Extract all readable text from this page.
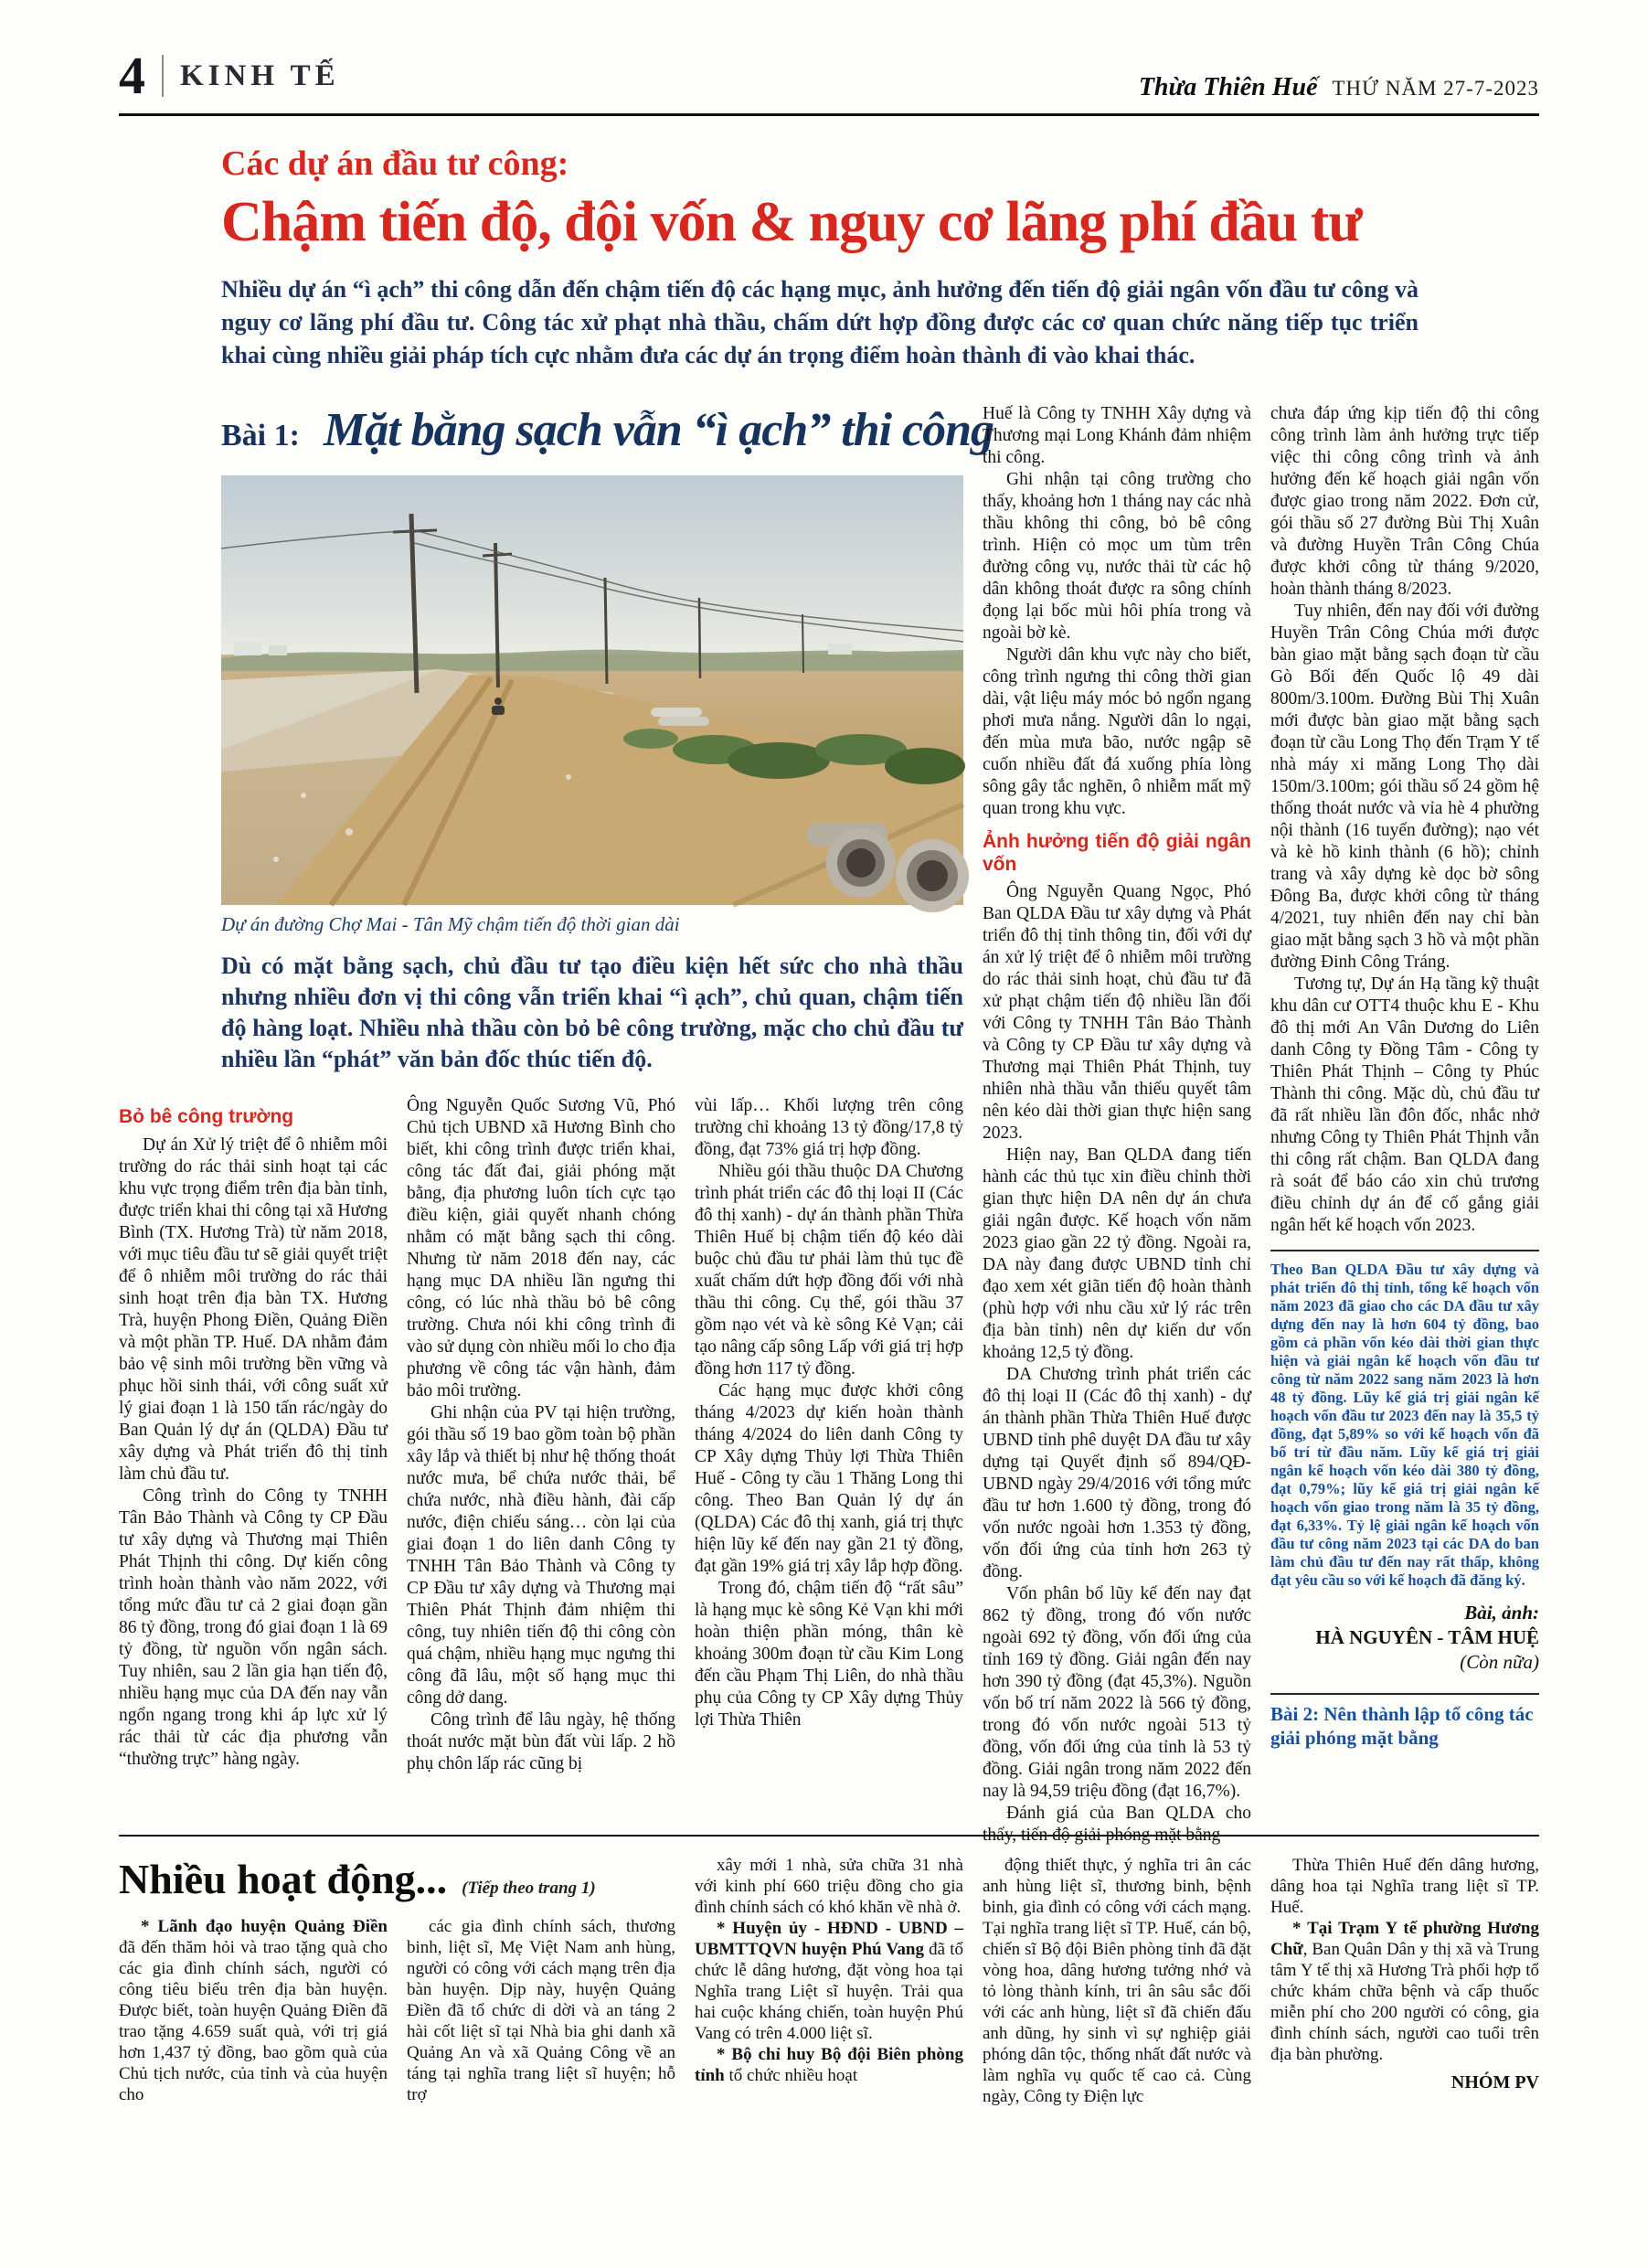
4 KINH TẾ	Thừa Thiên Huế THỨ NĂM 27-7-2023
Các dự án đầu tư công:
Chậm tiến độ, đội vốn & nguy cơ lãng phí đầu tư

Nhiều dự án “ì ạch” thi công dẫn đến chậm tiến độ các hạng mục, ảnh hưởng đến tiến độ giải ngân vốn đầu tư công và nguy cơ lãng phí đầu tư. Công tác xử phạt nhà thầu, chấm dứt hợp đồng được các cơ quan chức năng tiếp tục triển khai cùng nhiều giải pháp tích cực nhằm đưa các dự án trọng điểm hoàn thành đi vào khai thác.

Bài 1: Mặt bằng sạch vẫn “ì ạch” thi công
Dự án đường Chợ Mai - Tân Mỹ chậm tiến độ thời gian dài

Dù có mặt bằng sạch, chủ đầu tư tạo điều kiện hết sức cho nhà thầu nhưng nhiều đơn vị thi công vẫn triển khai “ì ạch”, chủ quan, chậm tiến độ hàng loạt. Nhiều nhà thầu còn bỏ bê công trường, mặc cho chủ đầu tư nhiều lần “phát” văn bản đốc thúc tiến độ.

Bỏ bê công trường

Dự án Xử lý triệt để ô nhiễm môi trường do rác thải sinh hoạt tại các khu vực trọng điểm trên địa bàn tỉnh, được triển khai thi công tại xã Hương Bình (TX. Hương Trà) từ năm 2018, với mục tiêu đầu tư sẽ giải quyết triệt để ô nhiễm môi trường do rác thải sinh hoạt trên địa bàn TX. Hương Trà, huyện Phong Điền, Quảng Điền và một phần TP. Huế. DA nhằm đảm bảo vệ sinh môi trường bền vững và phục hồi sinh thái, với công suất xử lý giai đoạn 1 là 150 tấn rác/ngày do Ban Quản lý dự án (QLDA) Đầu tư xây dựng và Phát triển đô thị tỉnh làm chủ đầu tư.

Công trình do Công ty TNHH Tân Bảo Thành và Công ty CP Đầu tư xây dựng và Thương mại Thiên Phát Thịnh thi công. Dự kiến công trình hoàn thành vào năm 2022, với tổng mức đầu tư cả 2 giai đoạn gần 86 tỷ đồng, trong đó giai đoạn 1 là 69 tỷ đồng, từ nguồn vốn ngân sách. Tuy nhiên, sau 2 lần gia hạn tiến độ, nhiều hạng mục của DA đến nay vẫn ngổn ngang trong khi áp lực xử lý rác thải từ các địa phương vẫn “thường trực” hàng ngày.

Ông Nguyễn Quốc Sương Vũ, Phó Chủ tịch UBND xã Hương Bình cho biết, khi công trình được triển khai, công tác đất đai, giải phóng mặt bằng, địa phương luôn tích cực tạo điều kiện, giải quyết nhanh chóng nhằm có mặt bằng sạch thi công. Nhưng từ năm 2018 đến nay, các hạng mục DA nhiều lần ngưng thi công, có lúc nhà thầu bỏ bê công trường. Chưa nói khi công trình đi vào sử dụng còn nhiều mối lo cho địa phương về công tác vận hành, đảm bảo môi trường.

Ghi nhận của PV tại hiện trường, gói thầu số 19 bao gồm toàn bộ phần xây lắp và thiết bị như hệ thống thoát nước mưa, bể chứa nước thải, bể chứa nước, nhà điều hành, đài cấp nước, điện chiếu sáng… còn lại của giai đoạn 1 do liên danh Công ty TNHH Tân Bảo Thành và Công ty CP Đầu tư xây dựng và Thương mại Thiên Phát Thịnh đảm nhiệm thi công, tuy nhiên tiến độ thi công còn quá chậm, nhiều hạng mục ngưng thi công đã lâu, một số hạng mục thi công dở dang.

Công trình để lâu ngày, hệ thống thoát nước mặt bùn đất vùi lấp. 2 hồ phụ chôn lấp rác cũng bị

vùi lấp… Khối lượng trên công trường chỉ khoảng 13 tỷ đồng/17,8 tỷ đồng, đạt 73% giá trị hợp đồng.

Nhiều gói thầu thuộc DA Chương trình phát triển các đô thị loại II (Các đô thị xanh) - dự án thành phần Thừa Thiên Huế bị chậm tiến độ kéo dài buộc chủ đầu tư phải làm thủ tục đề xuất chấm dứt hợp đồng đối với nhà thầu thi công. Cụ thể, gói thầu 37 gồm nạo vét và kè sông Kẻ Vạn; cải tạo nâng cấp sông Lấp với giá trị hợp đồng hơn 117 tỷ đồng.

Các hạng mục được khởi công tháng 4/2023 dự kiến hoàn thành tháng 4/2024 do liên danh Công ty CP Xây dựng Thủy lợi Thừa Thiên Huế - Công ty cầu 1 Thăng Long thi công. Theo Ban Quản lý dự án (QLDA) Các đô thị xanh, giá trị thực hiện lũy kế đến nay gần 21 tỷ đồng, đạt gần 19% giá trị xây lắp hợp đồng.

Trong đó, chậm tiến độ “rất sâu” là hạng mục kè sông Kẻ Vạn khi mới hoàn thiện phần móng, thân kè khoảng 300m đoạn từ cầu Kim Long đến cầu Phạm Thị Liên, do nhà thầu phụ của Công ty CP Xây dựng Thủy lợi Thừa Thiên

Huế là Công ty TNHH Xây dựng và Thương mại Long Khánh đảm nhiệm thi công.

Ghi nhận tại công trường cho thấy, khoảng hơn 1 tháng nay các nhà thầu không thi công, bỏ bê công trình. Hiện cỏ mọc um tùm trên đường công vụ, nước thải từ các hộ dân không thoát được ra sông chính đọng lại bốc mùi hôi phía trong và ngoài bờ kè.

Người dân khu vực này cho biết, công trình ngưng thi công thời gian dài, vật liệu máy móc bỏ ngổn ngang phơi mưa nắng. Người dân lo ngại, đến mùa mưa bão, nước ngập sẽ cuốn nhiều đất đá xuống phía lòng sông gây tắc nghẽn, ô nhiễm mất mỹ quan trong khu vực.

Ảnh hưởng tiến độ giải ngân vốn

Ông Nguyễn Quang Ngọc, Phó Ban QLDA Đầu tư xây dựng và Phát triển đô thị tỉnh thông tin, đối với dự án xử lý triệt để ô nhiễm môi trường do rác thải sinh hoạt, chủ đầu tư đã xử phạt chậm tiến độ nhiều lần đối với Công ty TNHH Tân Bảo Thành và Công ty CP Đầu tư xây dựng và Thương mại Thiên Phát Thịnh, tuy nhiên nhà thầu vẫn thiếu quyết tâm nên kéo dài thời gian thực hiện sang 2023.

Hiện nay, Ban QLDA đang tiến hành các thủ tục xin điều chỉnh thời gian thực hiện DA nên dự án chưa giải ngân được. Kế hoạch vốn năm 2023 giao gần 22 tỷ đồng. Ngoài ra, DA này đang được UBND tỉnh chỉ đạo xem xét giãn tiến độ hoàn thành (phù hợp với nhu cầu xử lý rác trên địa bàn tỉnh) nên dự kiến dư vốn khoảng 12,5 tỷ đồng.

DA Chương trình phát triển các đô thị loại II (Các đô thị xanh) - dự án thành phần Thừa Thiên Huế được UBND tỉnh phê duyệt DA đầu tư xây dựng tại Quyết định số 894/QĐ-UBND ngày 29/4/2016 với tổng mức đầu tư hơn 1.600 tỷ đồng, trong đó vốn nước ngoài hơn 1.353 tỷ đồng, vốn đối ứng của tỉnh hơn 263 tỷ đồng.

Vốn phân bổ lũy kế đến nay đạt 862 tỷ đồng, trong đó vốn nước ngoài 692 tỷ đồng, vốn đối ứng của tỉnh 169 tỷ đồng. Giải ngân đến nay hơn 390 tỷ đồng (đạt 45,3%). Nguồn vốn bố trí năm 2022 là 566 tỷ đồng, trong đó vốn nước ngoài 513 tỷ đồng, vốn đối ứng của tỉnh là 53 tỷ đồng. Giải ngân trong năm 2022 đến nay là 94,59 triệu đồng (đạt 16,7%).

Đánh giá của Ban QLDA cho thấy, tiến độ giải phóng mặt bằng

chưa đáp ứng kịp tiến độ thi công công trình làm ảnh hưởng trực tiếp việc thi công công trình và ảnh hưởng đến kế hoạch giải ngân vốn được giao trong năm 2022. Đơn cử, gói thầu số 27 đường Bùi Thị Xuân và đường Huyền Trân Công Chúa được khởi công từ tháng 9/2020, hoàn thành tháng 8/2023.

Tuy nhiên, đến nay đối với đường Huyền Trân Công Chúa mới được bàn giao mặt bằng sạch đoạn từ cầu Gò Bối đến Quốc lộ 49 dài 800m/3.100m. Đường Bùi Thị Xuân mới được bàn giao mặt bằng sạch đoạn từ cầu Long Thọ đến Trạm Y tế nhà máy xi măng Long Thọ dài 150m/3.100m; gói thầu số 24 gồm hệ thống thoát nước và vỉa hè 4 phường nội thành (16 tuyến đường); nạo vét và kè hồ kinh thành (6 hồ); chỉnh trang và xây dựng kè dọc bờ sông Đông Ba, được khởi công từ tháng 4/2021, tuy nhiên đến nay chỉ bàn giao mặt bằng sạch 3 hồ và một phần đường Đinh Công Tráng.

Tương tự, Dự án Hạ tầng kỹ thuật khu dân cư OTT4 thuộc khu E - Khu đô thị mới An Vân Dương do Liên danh Công ty Đồng Tâm - Công ty Thiên Phát Thịnh – Công ty Phúc Thành thi công. Mặc dù, chủ đầu tư đã rất nhiều lần đôn đốc, nhắc nhở nhưng Công ty Thiên Phát Thịnh vẫn thi công rất chậm. Ban QLDA đang rà soát để báo cáo xin chủ trương điều chỉnh dự án để cố gắng giải ngân hết kế hoạch vốn 2023.

Theo Ban QLDA Đầu tư xây dựng và phát triển đô thị tỉnh, tổng kế hoạch vốn năm 2023 đã giao cho các DA đầu tư xây dựng đến nay là hơn 604 tỷ đồng, bao gồm cả phần vốn kéo dài thời gian thực hiện và giải ngân kế hoạch vốn đầu tư công từ năm 2022 sang năm 2023 là hơn 48 tỷ đồng. Lũy kế giá trị giải ngân kế hoạch vốn đầu tư 2023 đến nay là 35,5 tỷ đồng, đạt 5,89% so với kế hoạch vốn đã bố trí từ đầu năm. Lũy kế giá trị giải ngân kế hoạch vốn kéo dài 380 tỷ đồng, đạt 0,79%; lũy kế giá trị giải ngân kế hoạch vốn giao trong năm là 35 tỷ đồng, đạt 6,33%. Tỷ lệ giải ngân kế hoạch vốn đầu tư công năm 2023 tại các DA do ban làm chủ đầu tư đến nay rất thấp, không đạt yêu cầu so với kế hoạch đã đăng ký.
Bài, ảnh:
HÀ NGUYÊN - TÂM HUỆ
(Còn nữa)
Bài 2: Nên thành lập tổ công tác giải phóng mặt bằng
Nhiều hoạt động... (Tiếp theo trang 1)

* Lãnh đạo huyện Quảng Điền đã đến thăm hỏi và trao tặng quà cho các gia đình chính sách, người có công tiêu biểu trên địa bàn huyện. Được biết, toàn huyện Quảng Điền đã trao tặng 4.659 suất quà, với trị giá hơn 1,437 tỷ đồng, bao gồm quà của Chủ tịch nước, của tỉnh và của huyện cho

các gia đình chính sách, thương binh, liệt sĩ, Mẹ Việt Nam anh hùng, người có công với cách mạng trên địa bàn huyện. Dịp này, huyện Quảng Điền đã tổ chức di dời và an táng 2 hài cốt liệt sĩ tại Nhà bia ghi danh xã Quảng An và xã Quảng Công về an táng tại nghĩa trang liệt sĩ huyện; hỗ trợ

xây mới 1 nhà, sửa chữa 31 nhà với kinh phí 660 triệu đồng cho gia đình chính sách có khó khăn về nhà ở.

* Huyện ủy - HĐND - UBND – UBMTTQVN huyện Phú Vang đã tổ chức lễ dâng hương, đặt vòng hoa tại Nghĩa trang Liệt sĩ huyện. Trải qua hai cuộc kháng chiến, toàn huyện Phú Vang có trên 4.000 liệt sĩ.

* Bộ chỉ huy Bộ đội Biên phòng tỉnh tổ chức nhiều hoạt

động thiết thực, ý nghĩa tri ân các anh hùng liệt sĩ, thương binh, bệnh binh, gia đình có công với cách mạng. Tại nghĩa trang liệt sĩ TP. Huế, cán bộ, chiến sĩ Bộ đội Biên phòng tỉnh đã đặt vòng hoa, dâng hương tưởng nhớ và tỏ lòng thành kính, tri ân sâu sắc đối với các anh hùng, liệt sĩ đã chiến đấu anh dũng, hy sinh vì sự nghiệp giải phóng dân tộc, thống nhất đất nước và làm nghĩa vụ quốc tế cao cả. Cùng ngày, Công ty Điện lực

Thừa Thiên Huế đến dâng hương, dâng hoa tại Nghĩa trang liệt sĩ TP. Huế.

* Tại Trạm Y tế phường Hương Chữ, Ban Quân Dân y thị xã và Trung tâm Y tế thị xã Hương Trà phối hợp tổ chức khám chữa bệnh và cấp thuốc miễn phí cho 200 người có công, gia đình chính sách, người cao tuổi trên địa bàn phường.

NHÓM PV
